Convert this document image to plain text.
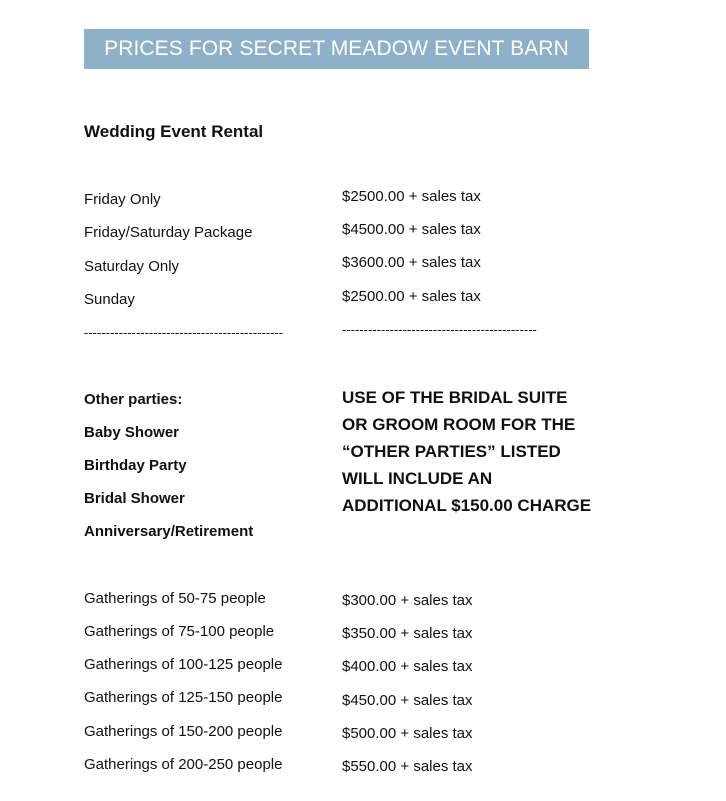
PRICES FOR SECRET MEADOW EVENT BARN
Wedding Event Rental
Friday Only	$2500.00 + sales tax
Friday/Saturday Package	$4500.00 + sales tax
Saturday Only	$3600.00 + sales tax
Sunday	$2500.00 + sales tax
----------------------------------------------	---------------------------------------------
Other parties:
Baby Shower
Birthday Party
Bridal Shower
Anniversary/Retirement
USE OF THE BRIDAL SUITE OR GROOM ROOM FOR THE “OTHER PARTIES” LISTED WILL INCLUDE AN ADDITIONAL $150.00 CHARGE
Gatherings of 50-75 people	$300.00 + sales tax
Gatherings of 75-100 people	$350.00 + sales tax
Gatherings of 100-125 people	$400.00 + sales tax
Gatherings of 125-150 people	$450.00 + sales tax
Gatherings of 150-200 people	$500.00 + sales tax
Gatherings of 200-250 people	$550.00 + sales tax
